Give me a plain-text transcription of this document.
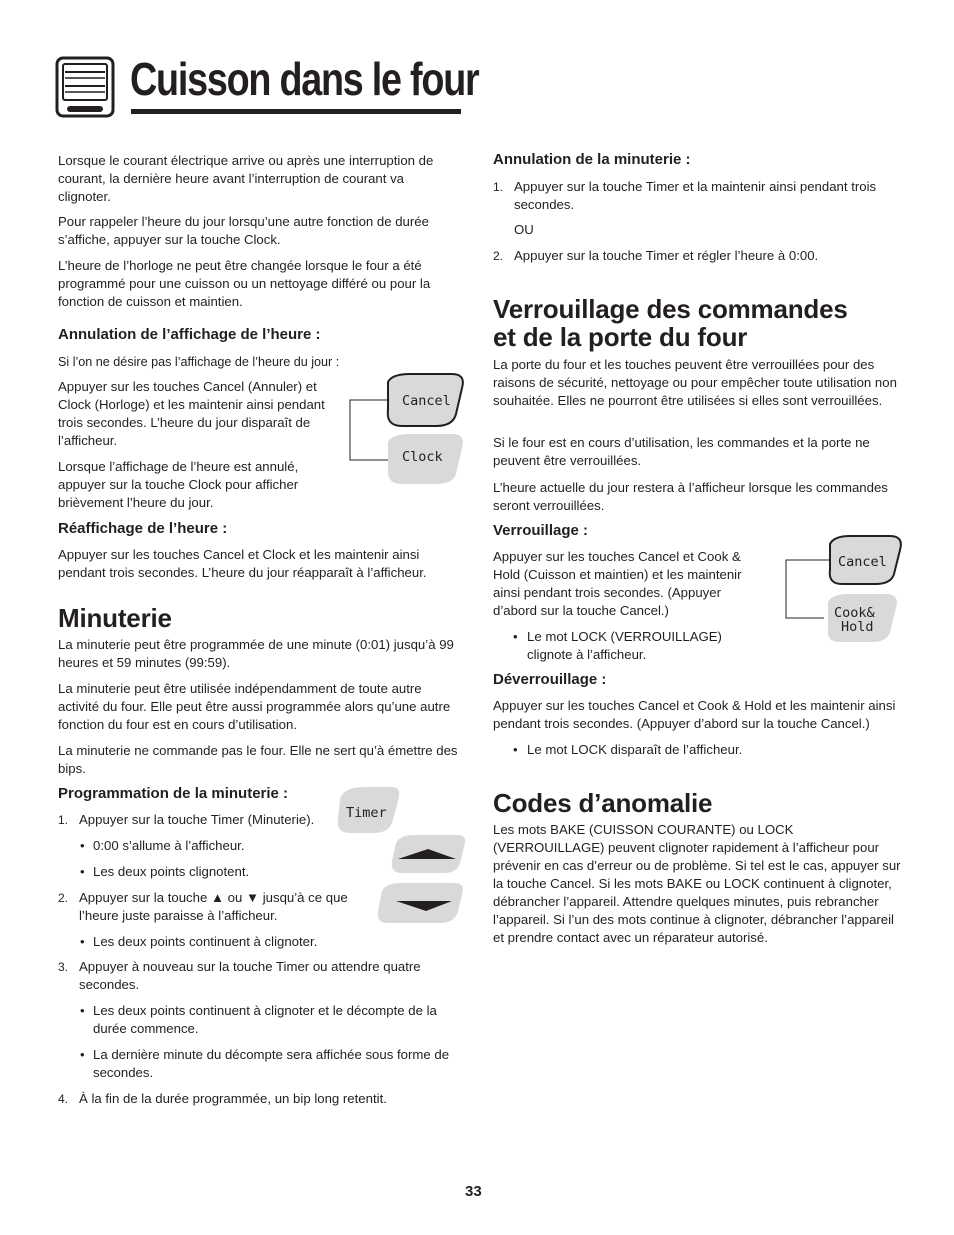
Cuisson dans le four

Lorsque le courant électrique arrive ou après une interruption de courant, la dernière heure avant l’interruption de courant va clignoter.

Pour rappeler l’heure du jour lorsqu’une autre fonction de durée s’affiche, appuyer sur la touche Clock.

L’heure de l’horloge ne peut être changée lorsque le four a été programmé pour une cuisson ou un nettoyage différé ou pour la fonction de cuisson et maintien.

Annulation de l’affichage de l’heure :

Si l’on ne désire pas l’affichage de l’heure du jour :

Appuyer sur les touches Cancel (Annuler) et Clock (Horloge) et les maintenir ainsi pendant trois secondes. L’heure du jour disparaît de l’afficheur.

Lorsque l’affichage de l’heure est annulé, appuyer sur la touche Clock pour afficher brièvement l’heure du jour.

Cancel
Clock
Réaffichage de l’heure :

Appuyer sur les touches Cancel et Clock et les maintenir ainsi pendant trois secondes. L’heure du jour réapparaît à l’afficheur.

Minuterie

La minuterie peut être programmée de une minute (0:01) jusqu’à 99 heures et 59 minutes (99:59).

La minuterie peut être utilisée indépendamment de toute autre activité du four. Elle peut être aussi programmée alors qu’une autre fonction du four est en cours d’utilisation.

La minuterie ne commande pas le four. Elle ne sert qu’à émettre des bips.

Programmation de la minuterie :
Timer
1. Appuyer sur la touche Timer (Minuterie).
• 0:00 s’allume à l’afficheur.
• Les deux points clignotent.
2. Appuyer sur la touche ▲ ou ▼ jusqu’à ce que l’heure juste paraisse à l’afficheur.
• Les deux points continuent à clignoter.
3. Appuyer à nouveau sur la touche Timer ou attendre quatre secondes.
• Les deux points continuent à clignoter et le décompte de la durée commence.
• La dernière minute du décompte sera affichée sous forme de secondes.
4. À la fin de la durée programmée, un bip long retentit.
Annulation de la minuterie :
1. Appuyer sur la touche Timer et la maintenir ainsi pendant trois secondes.

OU

2. Appuyer sur la touche Timer et régler l’heure à 0:00.
Verrouillage des commandes
et de la porte du four

La porte du four et les touches peuvent être verrouillées pour des raisons de sécurité, nettoyage ou pour empêcher toute utilisation non souhaitée. Elles ne pourront être utilisées si elles sont verrouillées.

Si le four est en cours d’utilisation, les commandes et la porte ne peuvent être verrouillées.

L’heure actuelle du jour restera à l’afficheur lorsque les commandes seront verrouillées.

Verrouillage :

Appuyer sur les touches Cancel et Cook & Hold (Cuisson et maintien) et les maintenir ainsi pendant trois secondes. (Appuyer d’abord sur la touche Cancel.)

Cancel
Cook&
Hold
• Le mot LOCK (VERROUILLAGE) clignote à l’afficheur.
Déverrouillage :

Appuyer sur les touches Cancel et Cook & Hold et les maintenir ainsi pendant trois secondes. (Appuyer d’abord sur la touche Cancel.)

• Le mot LOCK disparaît de l’afficheur.
Codes d’anomalie

Les mots BAKE (CUISSON COURANTE) ou LOCK (VERROUILLAGE) peuvent clignoter rapidement à l’afficheur pour prévenir en cas d’erreur ou de problème. Si tel est le cas, appuyer sur la touche Cancel. Si les mots BAKE ou LOCK continuent à clignoter, débrancher l’appareil. Attendre quelques minutes, puis rebrancher l’appareil. Si l’un des mots continue à clignoter, débrancher l’appareil et prendre contact avec un réparateur autorisé.

33
